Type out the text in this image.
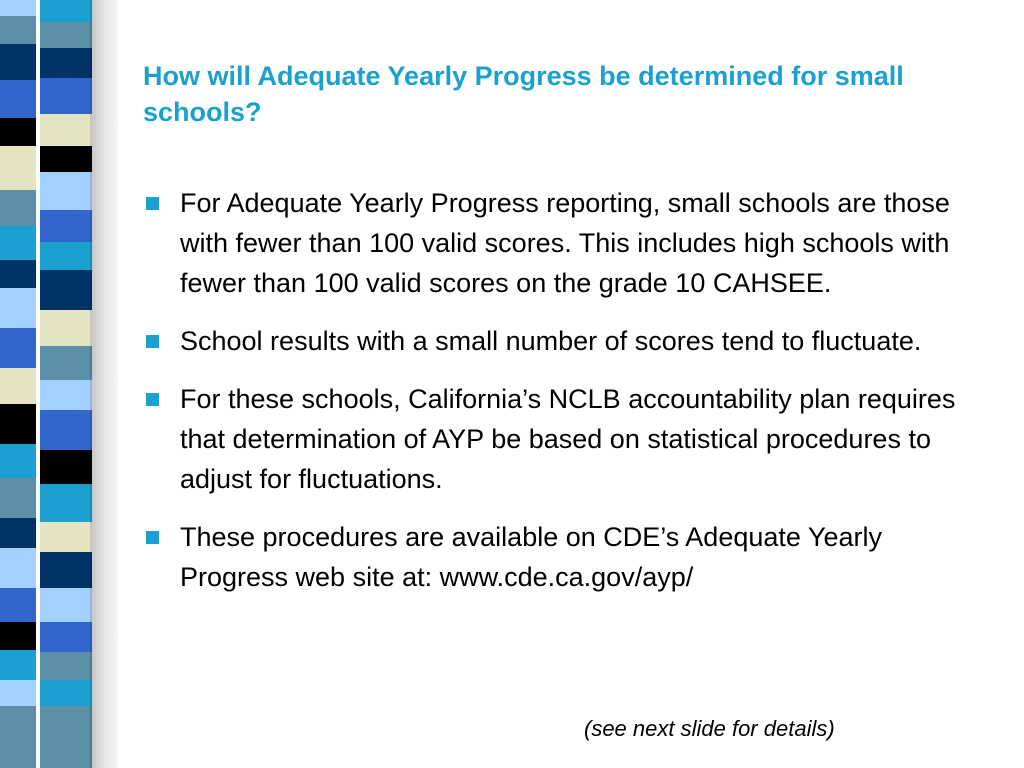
How will Adequate Yearly Progress be determined for small schools?
For Adequate Yearly Progress reporting, small schools are those with fewer than 100 valid scores. This includes high schools with fewer than 100 valid scores on the grade 10 CAHSEE.
School results with a small number of scores tend to fluctuate.
For these schools, California’s NCLB accountability plan requires that determination of AYP be based on statistical procedures to adjust for fluctuations.
These procedures are available on CDE’s Adequate Yearly Progress web site at: www.cde.ca.gov/ayp/
(see next slide for details)
